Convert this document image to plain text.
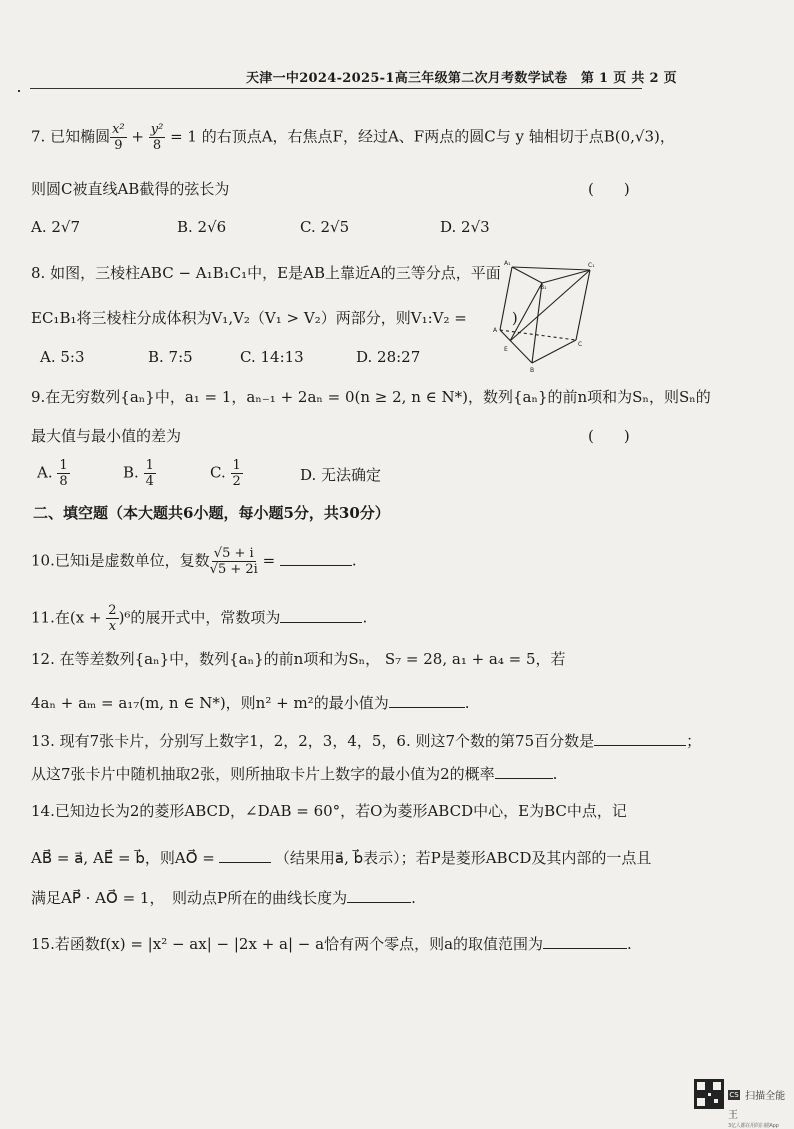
天津一中2024-2025-1高三年级第二次月考数学试卷　第 1 页 共 2 页
7. 已知椭圆 $\frac{\text{x²}}{9} + \frac{\text{y²}}{8} = 1$ 的右顶点A，右焦点F，经过A、F两点的圆C与 y 轴相切于点B(0,√3)，
则圆C被直线AB截得的弦长为	(　　)
A. 2√7	B. 2√6	C. 2√5	D. 2√3
8. 如图，三棱柱ABC − A₁B₁C₁中，E是AB上靠近A的三等分点，平面
EC₁B₁将三棱柱分成体积为V₁,V₂（V₁ > V₂）两部分，则V₁:V₂ =　　　)
A. 5:3	B. 7:5	C. 14:13	D. 28:27
A₁	C₁
B₁
A
E
B
C
9.在无穷数列{aₙ}中，a₁ = 1，aₙ₋₁ + 2aₙ = 0(n ≥ 2, n ∈ N*)，数列{aₙ}的前n项和为Sₙ，则Sₙ的
最大值与最小值的差为	(　　)
A. $\frac{1}{8}$	B. $\frac{1}{4}$	C. $\frac{1}{2}$	D. 无法确定
二、填空题（本大题共6小题，每小题5分，共30分）
10.已知i是虚数单位，复数 $\frac{√5 + i}{√5 + 2i}$ =	.
11.在$(x + \frac{2}{x} )^6$的展开式中，常数项为	.
12. 在等差数列{aₙ}中，数列{aₙ}的前n项和为Sₙ， S₇ = 28, a₁ + a₄ = 5，若
4aₙ + aₘ = a₁₇(m, n ∈ N*)，则n² + m²的最小值为	.
13. 现有7张卡片，分别写上数字1，2，2，3，4，5，6. 则这7个数的第75百分数是	；
从这7张卡片中随机抽取2张，则所抽取卡片上数字的最小值为2的概率	.
14.已知边长为2的菱形ABCD，∠DAB = 60°，若O为菱形ABCD中心，E为BC中点，记
AB⃗ = a⃗, AE⃗ = b⃗，则AO⃗ =	（结果用a⃗, b⃗表示）；若P是菱形ABCD及其内部的一点且
满足AP⃗ · AO⃗ = 1，　则动点P所在的曲线长度为	.
15.若函数f(x) = |x² − ax| − |2x + a| − a恰有两个零点，则a的取值范围为	.
CS 扫描全能王
3亿人都在用的扫描App
